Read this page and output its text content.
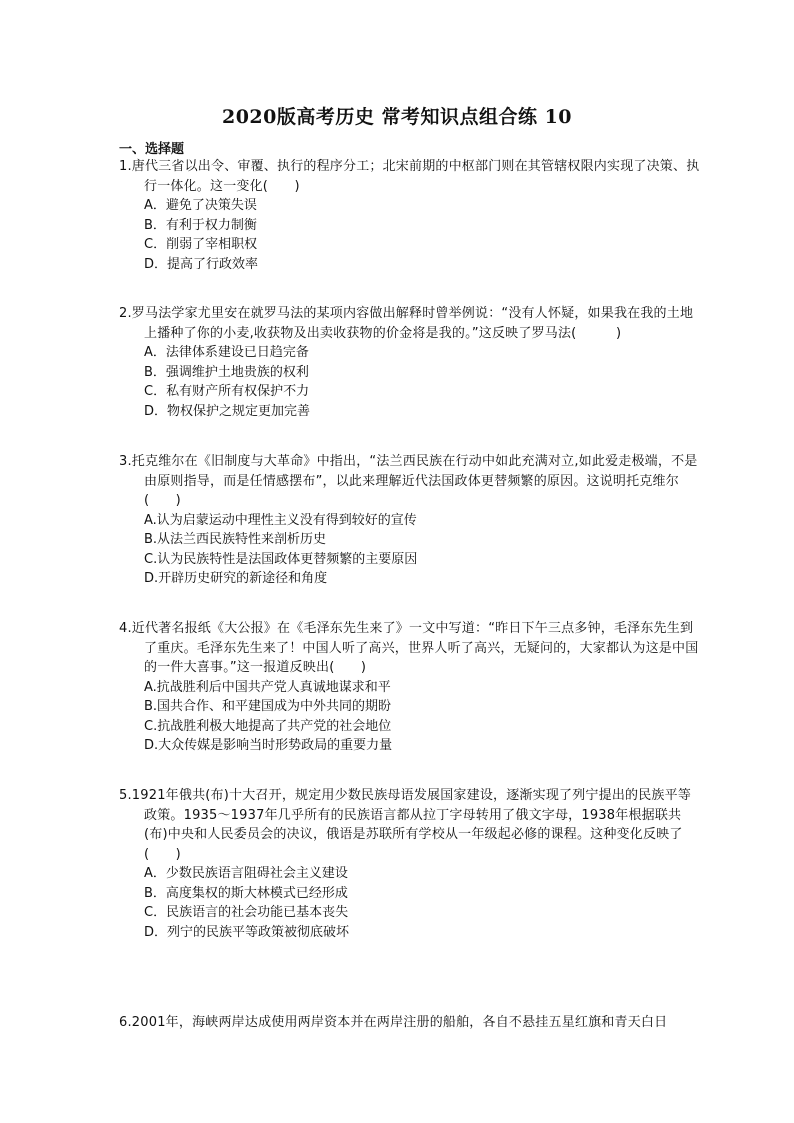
2020版高考历史 常考知识点组合练 10
一、选择题
1.唐代三省以出令、审覆、执行的程序分工；北宋前期的中枢部门则在其管辖权限内实现了决策、执行一体化。这一变化(　　)
A．避免了决策失误
B．有利于权力制衡
C．削弱了宰相职权
D．提高了行政效率
2.罗马法学家尤里安在就罗马法的某项内容做出解释时曾举例说：“没有人怀疑，如果我在我的土地上播种了你的小麦,收获物及出卖收获物的价金将是我的。”这反映了罗马法(　　　)
A．法律体系建设已日趋完备
B．强调维护土地贵族的权利
C．私有财产所有权保护不力
D．物权保护之规定更加完善
3.托克维尔在《旧制度与大革命》中指出，“法兰西民族在行动中如此充满对立,如此爱走极端，不是由原则指导，而是任情感摆布”，以此来理解近代法国政体更替频繁的原因。这说明托克维尔(　　)
A.认为启蒙运动中理性主义没有得到较好的宣传
B.从法兰西民族特性来剖析历史
C.认为民族特性是法国政体更替频繁的主要原因
D.开辟历史研究的新途径和角度
4.近代著名报纸《大公报》在《毛泽东先生来了》一文中写道：“昨日下午三点多钟，毛泽东先生到了重庆。毛泽东先生来了！中国人听了高兴，世界人听了高兴，无疑问的，大家都认为这是中国的一件大喜事。”这一报道反映出(　　)
A.抗战胜利后中国共产党人真诚地谋求和平
B.国共合作、和平建国成为中外共同的期盼
C.抗战胜利极大地提高了共产党的社会地位
D.大众传媒是影响当时形势政局的重要力量
5.1921年俄共(布)十大召开，规定用少数民族母语发展国家建设，逐渐实现了列宁提出的民族平等政策。1935～1937年几乎所有的民族语言都从拉丁字母转用了俄文字母，1938年根据联共(布)中央和人民委员会的决议，俄语是苏联所有学校从一年级起必修的课程。这种变化反映了(　　)
A．少数民族语言阻碍社会主义建设
B．高度集权的斯大林模式已经形成
C．民族语言的社会功能已基本丧失
D．列宁的民族平等政策被彻底破坏
6.2001年，海峡两岸达成使用两岸资本并在两岸注册的船舶，各自不悬挂五星红旗和青天白日
